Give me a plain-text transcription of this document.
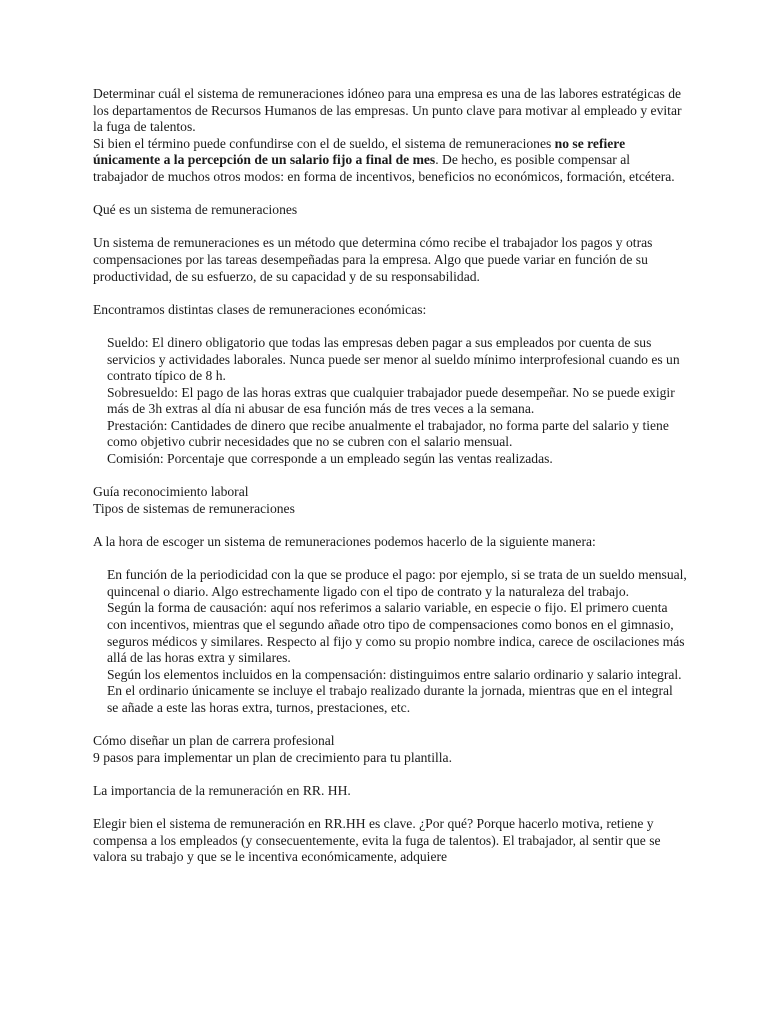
Determinar cuál el sistema de remuneraciones idóneo para una empresa es una de las labores estratégicas de los departamentos de Recursos Humanos de las empresas. Un punto clave para motivar al empleado y evitar la fuga de talentos.

Si bien el término puede confundirse con el de sueldo, el sistema de remuneraciones no se refiere únicamente a la percepción de un salario fijo a final de mes. De hecho, es posible compensar al trabajador de muchos otros modos: en forma de incentivos, beneficios no económicos, formación, etcétera.

Qué es un sistema de remuneraciones

Un sistema de remuneraciones es un método que determina cómo recibe el trabajador los pagos y otras compensaciones por las tareas desempeñadas para la empresa. Algo que puede variar en función de su productividad, de su esfuerzo, de su capacidad y de su responsabilidad.

Encontramos distintas clases de remuneraciones económicas:

Sueldo: El dinero obligatorio que todas las empresas deben pagar a sus empleados por cuenta de sus servicios y actividades laborales. Nunca puede ser menor al sueldo mínimo interprofesional cuando es un contrato típico de 8 h.

Sobresueldo: El pago de las horas extras que cualquier trabajador puede desempeñar. No se puede exigir más de 3h extras al día ni abusar de esa función más de tres veces a la semana.

Prestación: Cantidades de dinero que recibe anualmente el trabajador, no forma parte del salario y tiene como objetivo cubrir necesidades que no se cubren con el salario mensual.

Comisión: Porcentaje que corresponde a un empleado según las ventas realizadas.

Guía reconocimiento laboral

Tipos de sistemas de remuneraciones

A la hora de escoger un sistema de remuneraciones podemos hacerlo de la siguiente manera:

En función de la periodicidad con la que se produce el pago: por ejemplo, si se trata de un sueldo mensual, quincenal o diario. Algo estrechamente ligado con el tipo de contrato y la naturaleza del trabajo.

Según la forma de causación: aquí nos referimos a salario variable, en especie o fijo. El primero cuenta con incentivos, mientras que el segundo añade otro tipo de compensaciones como bonos en el gimnasio, seguros médicos y similares. Respecto al fijo y como su propio nombre indica, carece de oscilaciones más allá de las horas extra y similares.

Según los elementos incluidos en la compensación: distinguimos entre salario ordinario y salario integral. En el ordinario únicamente se incluye el trabajo realizado durante la jornada, mientras que en el integral se añade a este las horas extra, turnos, prestaciones, etc.

Cómo diseñar un plan de carrera profesional

9 pasos para implementar un plan de crecimiento para tu plantilla.

La importancia de la remuneración en RR. HH.

Elegir bien el sistema de remuneración en RR.HH es clave. ¿Por qué? Porque hacerlo motiva, retiene y compensa a los empleados (y consecuentemente, evita la fuga de talentos). El trabajador, al sentir que se valora su trabajo y que se le incentiva económicamente, adquiere
